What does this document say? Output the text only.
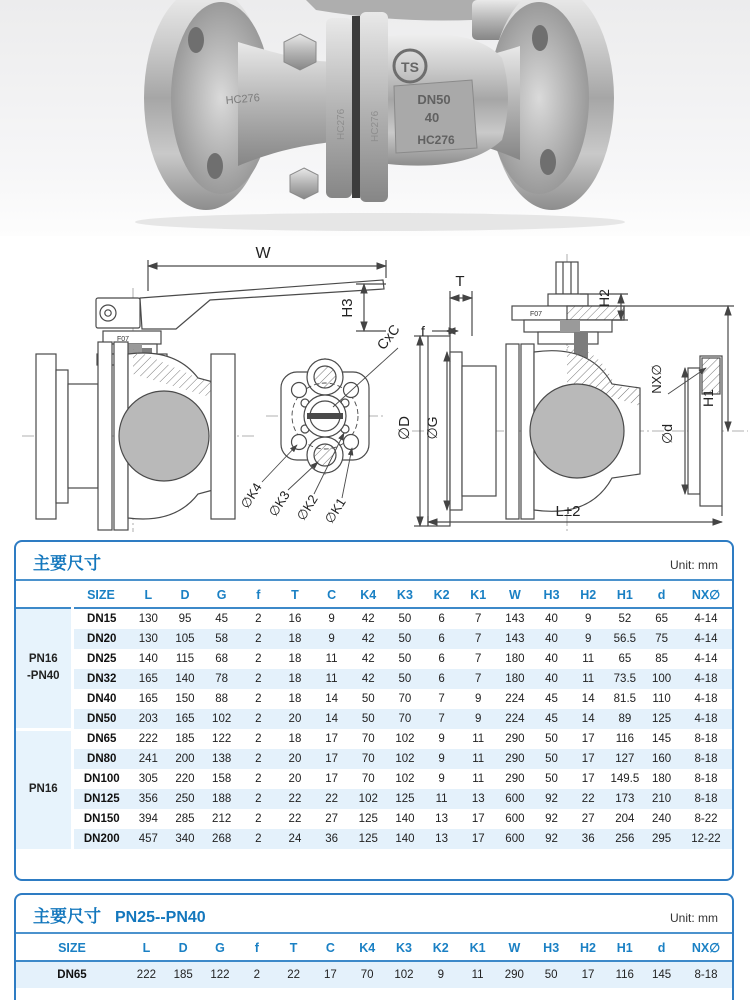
TS
DN50
40
HC276
HC276
HC276 HC276
F07
W
H3
CxC
∅K4 ∅K3 ∅K2 ∅K1
F07
T
f
H2
NX∅
H1
∅D ∅G	∅d
L±2
主要尺寸	Unit: mm
	SIZE	L	D	G	f	T	C	K4	K3	K2	K1	W	H3	H2	H1	d	NX∅

PN16
-PN40	DN15	130	95	45	2	16	9	42	50	6	7	143	40	9	52	65	4-14
	DN20	130	105	58	2	18	9	42	50	6	7	143	40	9	56.5	75	4-14
	DN25	140	115	68	2	18	11	42	50	6	7	180	40	11	65	85	4-14
	DN32	165	140	78	2	18	11	42	50	6	7	180	40	11	73.5	100	4-18
	DN40	165	150	88	2	18	14	50	70	7	9	224	45	14	81.5	110	4-18
	DN50	203	165	102	2	20	14	50	70	7	9	224	45	14	89	125	4-18

PN16	DN65	222	185	122	2	18	17	70	102	9	11	290	50	17	116	145	8-18
	DN80	241	200	138	2	20	17	70	102	9	11	290	50	17	127	160	8-18
	DN100	305	220	158	2	20	17	70	102	9	11	290	50	17	149.5	180	8-18
	DN125	356	250	188	2	22	22	102	125	11	13	600	92	22	173	210	8-18
	DN150	394	285	212	2	22	27	125	140	13	17	600	92	27	204	240	8-22
	DN200	457	340	268	2	24	36	125	140	13	17	600	92	36	256	295	12-22
主要尺寸 PN25--PN40	Unit: mm
SIZE	L	D	G	f	T	C	K4	K3	K2	K1	W	H3	H2	H1	d	NX∅
DN65	222	185	122	2	22	17	70	102	9	11	290	50	17	116	145	8-18
